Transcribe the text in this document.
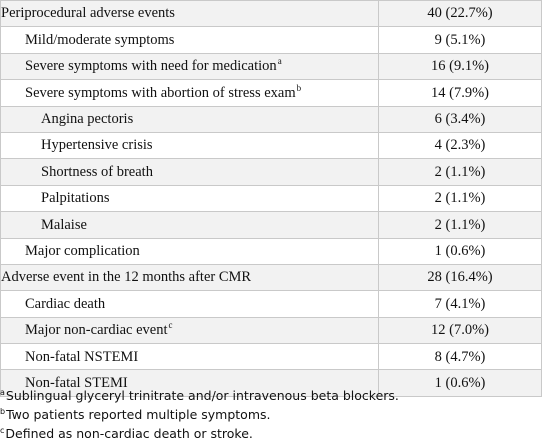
Periprocedural adverse events	40 (22.7%)
Mild/moderate symptoms	9 (5.1%)
Severe symptoms with need for medication$^a$	16 (9.1%)
Severe symptoms with abortion of stress exam$^b$	14 (7.9%)
Angina pectoris	6 (3.4%)
Hypertensive crisis	4 (2.3%)
Shortness of breath	2 (1.1%)
Palpitations	2 (1.1%)
Malaise	2 (1.1%)
Major complication	1 (0.6%)
Adverse event in the 12 months after CMR	28 (16.4%)
Cardiac death	7 (4.1%)
Major non-cardiac event$^c$	12 (7.0%)
Non-fatal NSTEMI	8 (4.7%)
Non-fatal STEMI	1 (0.6%)
$^a$Sublingual glyceryl trinitrate and/or intravenous beta blockers.
$^b$Two patients reported multiple symptoms.
$^c$Defined as non-cardiac death or stroke.
